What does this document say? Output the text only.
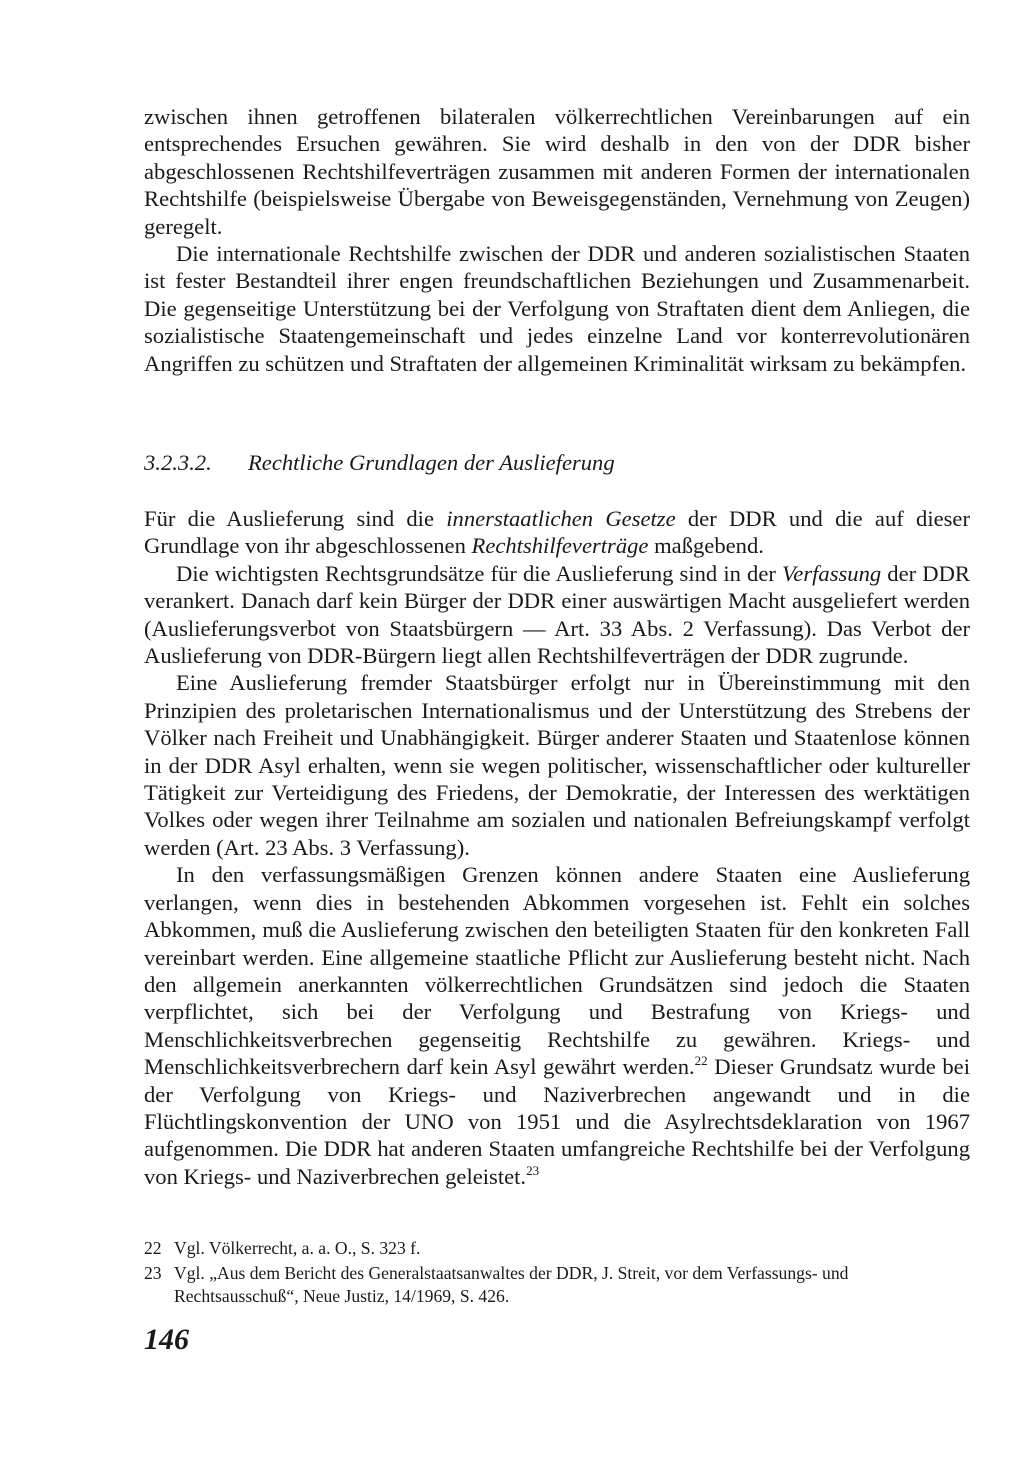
zwischen ihnen getroffenen bilateralen völkerrechtlichen Vereinbarungen auf ein entsprechendes Ersuchen gewähren. Sie wird deshalb in den von der DDR bisher abgeschlossenen Rechtshilfeverträgen zusammen mit anderen Formen der internationalen Rechtshilfe (beispielsweise Übergabe von Beweisgegenständen, Vernehmung von Zeugen) geregelt.

Die internationale Rechtshilfe zwischen der DDR und anderen sozialistischen Staaten ist fester Bestandteil ihrer engen freundschaftlichen Beziehungen und Zusammenarbeit. Die gegenseitige Unterstützung bei der Verfolgung von Straftaten dient dem Anliegen, die sozialistische Staatengemeinschaft und jedes einzelne Land vor konterrevolutionären Angriffen zu schützen und Straftaten der allgemeinen Kriminalität wirksam zu bekämpfen.

3.2.3.2. Rechtliche Grundlagen der Auslieferung

Für die Auslieferung sind die innerstaatlichen Gesetze der DDR und die auf dieser Grundlage von ihr abgeschlossenen Rechtshilfeverträge maßgebend.

Die wichtigsten Rechtsgrundsätze für die Auslieferung sind in der Verfassung der DDR verankert. Danach darf kein Bürger der DDR einer auswärtigen Macht ausgeliefert werden (Auslieferungsverbot von Staatsbürgern — Art. 33 Abs. 2 Verfassung). Das Verbot der Auslieferung von DDR-Bürgern liegt allen Rechtshilfeverträgen der DDR zugrunde.

Eine Auslieferung fremder Staatsbürger erfolgt nur in Übereinstimmung mit den Prinzipien des proletarischen Internationalismus und der Unterstützung des Strebens der Völker nach Freiheit und Unabhängigkeit. Bürger anderer Staaten und Staatenlose können in der DDR Asyl erhalten, wenn sie wegen politischer, wissenschaftlicher oder kultureller Tätigkeit zur Verteidigung des Friedens, der Demokratie, der Interessen des werktätigen Volkes oder wegen ihrer Teilnahme am sozialen und nationalen Befreiungskampf verfolgt werden (Art. 23 Abs. 3 Verfassung).

In den verfassungsmäßigen Grenzen können andere Staaten eine Auslieferung verlangen, wenn dies in bestehenden Abkommen vorgesehen ist. Fehlt ein solches Abkommen, muß die Auslieferung zwischen den beteiligten Staaten für den konkreten Fall vereinbart werden. Eine allgemeine staatliche Pflicht zur Auslieferung besteht nicht. Nach den allgemein anerkannten völkerrechtlichen Grundsätzen sind jedoch die Staaten verpflichtet, sich bei der Verfolgung und Bestrafung von Kriegs- und Menschlichkeitsverbrechen gegenseitig Rechtshilfe zu gewähren. Kriegs- und Menschlichkeitsverbrechern darf kein Asyl gewährt werden.$^{22}$ Dieser Grundsatz wurde bei der Verfolgung von Kriegs- und Naziverbrechen angewandt und in die Flüchtlingskonvention der UNO von 1951 und die Asylrechtsdeklaration von 1967 aufgenommen. Die DDR hat anderen Staaten umfangreiche Rechtshilfe bei der Verfolgung von Kriegs- und Naziverbrechen geleistet.$^{23}$

22 Vgl. Völkerrecht, a. a. O., S. 323 f.
23 Vgl. „Aus dem Bericht des Generalstaatsanwaltes der DDR, J. Streit, vor dem Verfassungs- und
Rechtsausschuß“, Neue Justiz, 14/1969, S. 426.
146
